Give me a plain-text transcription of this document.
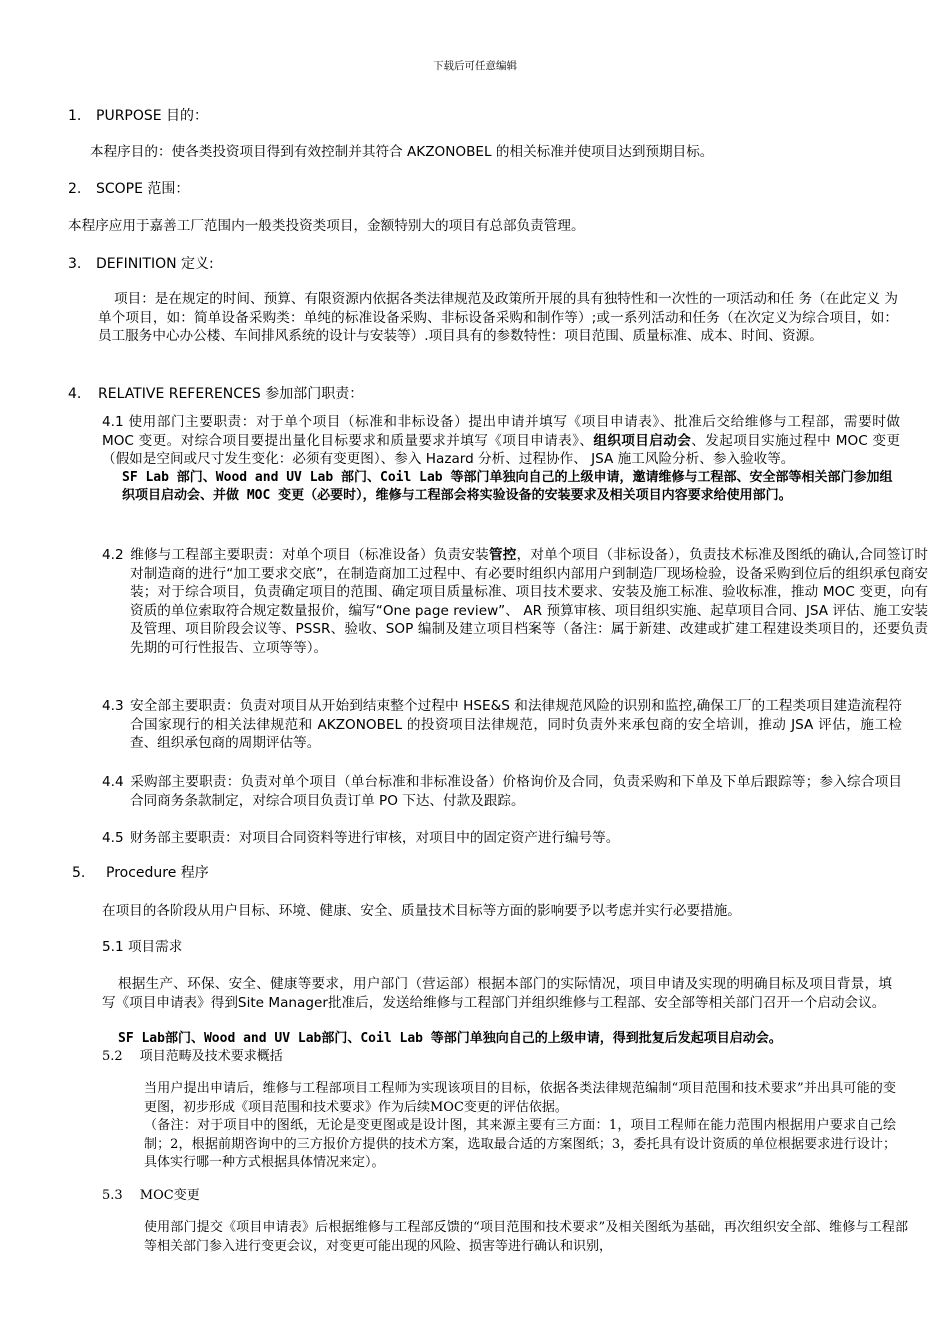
下载后可任意编辑
1. PURPOSE 目的：
本程序目的：使各类投资项目得到有效控制并其符合 AKZONOBEL 的相关标准并使项目达到预期目标。
2. SCOPE 范围：
本程序应用于嘉善工厂范围内一般类投资类项目，金额特别大的项目有总部负责管理。
3. DEFINITION 定义:
项目：是在规定的时间、预算、有限资源内依据各类法律规范及政策所开展的具有独特性和一次性的一项活动和任 务（在此定义 为单个项目，如：简单设备采购类：单纯的标准设备采购、非标设备采购和制作等）;或一系列活动和任务（在次定义为综合项目，如：员工服务中心办公楼、车间排风系统的设计与安装等）.项目具有的参数特性：项目范围、质量标准、成本、时间、资源。
4. RELATIVE REFERENCES 参加部门职责：
4.1 使用部门主要职责：对于单个项目（标准和非标设备）提出申请并填写《项目申请表》、批准后交给维修与工程部，需要时做 MOC 变更。对综合项目要提出量化目标要求和质量要求并填写《项目申请表》、组织项目启动会、发起项目实施过程中 MOC 变更（假如是空间或尺寸发生变化：必须有变更图）、参入 Hazard 分析、过程协作、 JSA 施工风险分析、参入验收等。
SF Lab 部门、Wood and UV Lab 部门、Coil Lab 等部门单独向自己的上级申请，邀请维修与工程部、安全部等相关部门参加组织项目启动会、并做 MOC 变更（必要时），维修与工程部会将实验设备的安装要求及相关项目内容要求给使用部门。
4.2 维修与工程部主要职责：对单个项目（标准设备）负责安装管控，对单个项目（非标设备），负责技术标准及图纸的确认,合同签订时对制造商的进行“加工要求交底”，在制造商加工过程中、有必要时组织内部用户到制造厂现场检验，设备采购到位后的组织承包商安装；对于综合项目，负责确定项目的范围、确定项目质量标准、项目技术要求、安装及施工标准、验收标准，推动 MOC 变更，向有资质的单位索取符合规定数量报价，编写“One page review”、 AR 预算审核、项目组织实施、起草项目合同、JSA 评估、施工安装及管理、项目阶段会议等、PSSR、验收、SOP 编制及建立项目档案等（备注：属于新建、改建或扩建工程建设类项目的，还要负责先期的可行性报告、立项等等）。
4.3 安全部主要职责：负责对项目从开始到结束整个过程中 HSE&S 和法律规范风险的识别和监控,确保工厂的工程类项目建造流程符合国家现行的相关法律规范和 AKZONOBEL 的投资项目法律规范，同时负责外来承包商的安全培训，推动 JSA 评估，施工检查、组织承包商的周期评估等。
4.4 采购部主要职责：负责对单个项目（单台标准和非标准设备）价格询价及合同，负责采购和下单及下单后跟踪等；参入综合项目合同商务条款制定，对综合项目负责订单 PO 下达、付款及跟踪。
4.5 财务部主要职责：对项目合同资料等进行审核，对项目中的固定资产进行编号等。
5. Procedure 程序
在项目的各阶段从用户目标、环境、健康、安全、质量技术目标等方面的影响要予以考虑并实行必要措施。
5.1 项目需求
根据生产、环保、安全、健康等要求，用户部门（营运部）根据本部门的实际情况，项目申请及实现的明确目标及项目背景，填写《项目申请表》得到Site Manager批准后，发送给维修与工程部门并组织维修与工程部、安全部等相关部门召开一个启动会议。
SF Lab部门、Wood and UV Lab部门、Coil Lab 等部门单独向自己的上级申请，得到批复后发起项目启动会。
5.2　 项目范畴及技术要求概括
当用户提出申请后，维修与工程部项目工程师为实现该项目的目标，依据各类法律规范编制“项目范围和技术要求”并出具可能的变更图，初步形成《项目范围和技术要求》作为后续MOC变更的评估依据。
（备注：对于项目中的图纸，无论是变更图或是设计图，其来源主要有三方面：1，项目工程师在能力范围内根据用户要求自己绘制；2，根据前期咨询中的三方报价方提供的技术方案，选取最合适的方案图纸；3，委托具有设计资质的单位根据要求进行设计；具体实行哪一种方式根据具体情况来定）。
5.3　 MOC变更
使用部门提交《项目申请表》后根据维修与工程部反馈的“项目范围和技术要求”及相关图纸为基础，再次组织安全部、维修与工程部等相关部门参入进行变更会议，对变更可能出现的风险、损害等进行确认和识别，
